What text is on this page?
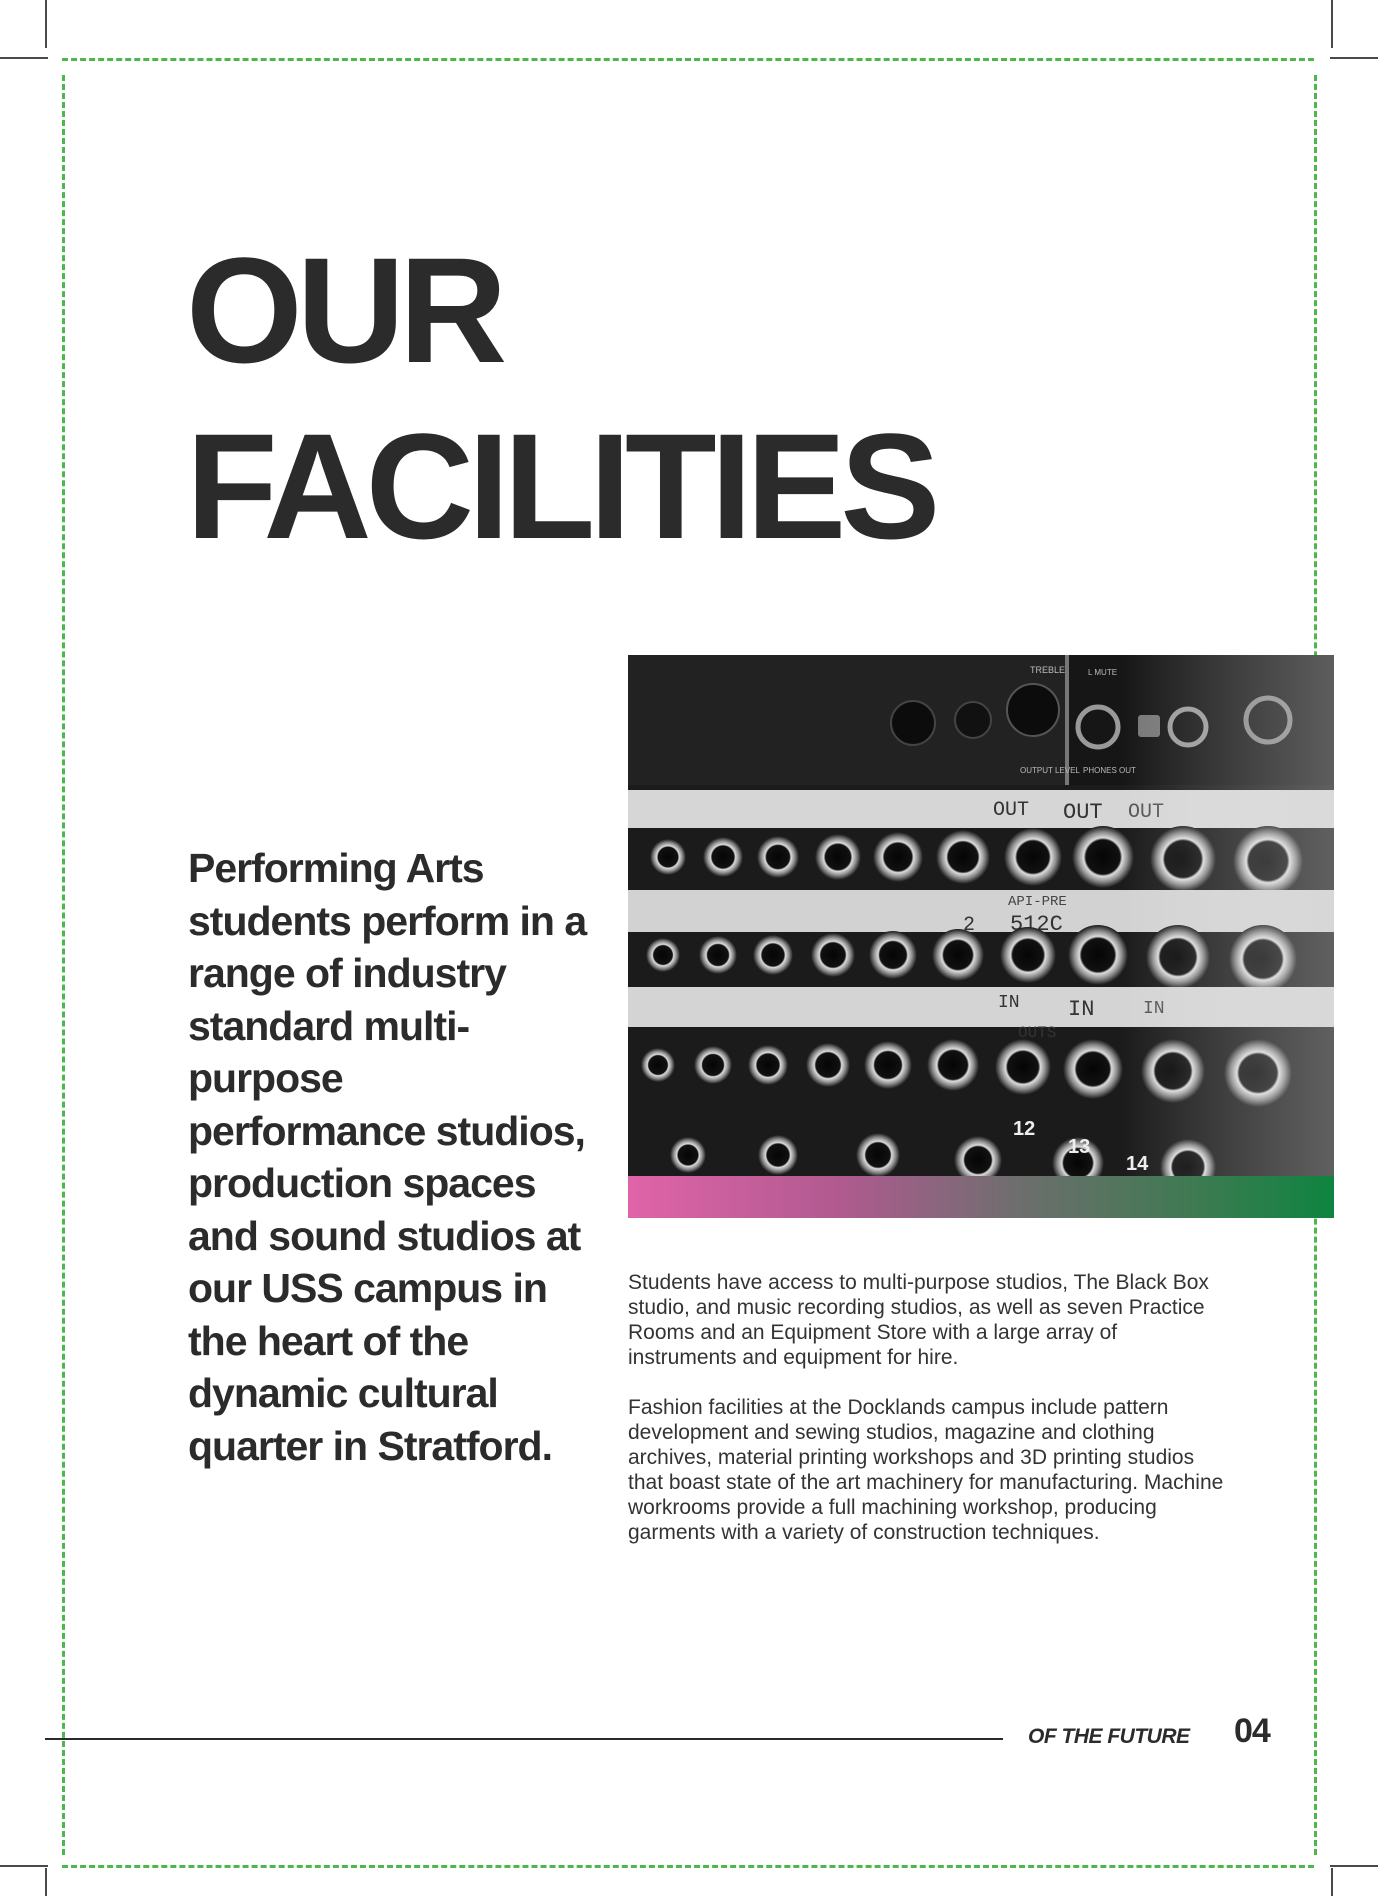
OUR
FACILITIES

Performing Arts students perform in a range of industry standard multi-purpose performance studios, production spaces and sound studios at our USS campus in the heart of the dynamic cultural quarter in Stratford.

Students have access to multi-purpose studios, The Black Box studio, and music recording studios, as well as seven Practice Rooms and an Equipment Store with a large array of instruments and equipment for hire.

Fashion facilities at the Docklands campus include pattern development and sewing studios, magazine and clothing archives, material printing workshops and 3D printing studios that boast state of the art machinery for manufacturing. Machine workrooms provide a full machining workshop, producing garments with a variety of construction techniques.

OF THE FUTURE 04
